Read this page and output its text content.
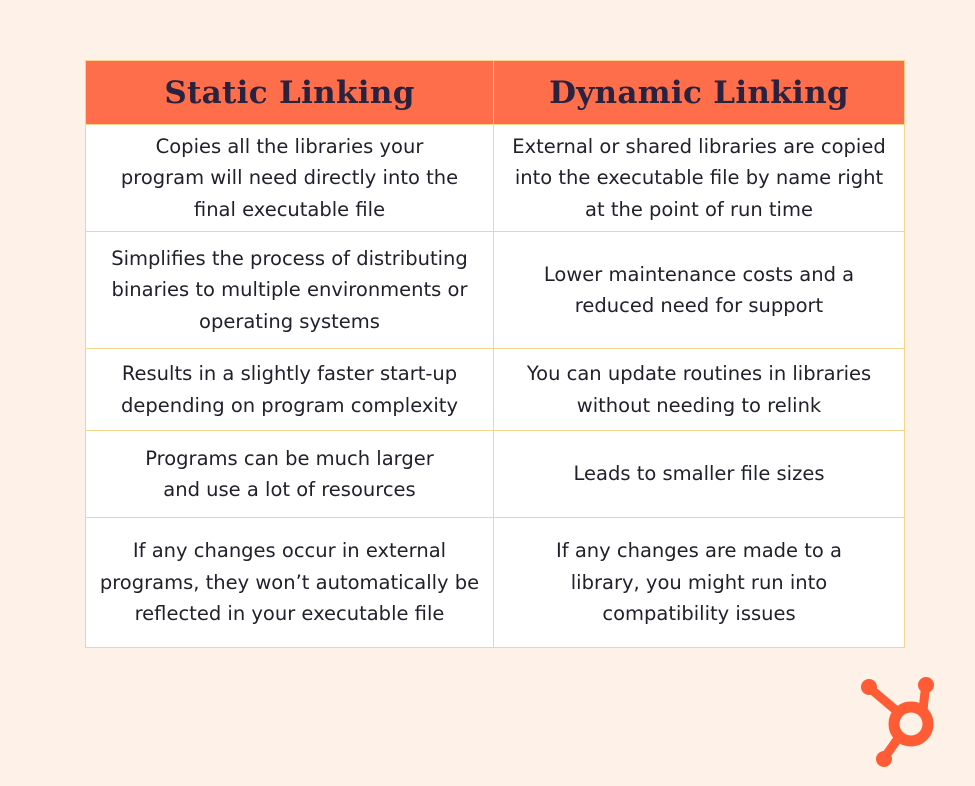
Static Linking	Dynamic Linking
Copies all the libraries your program will need directly into the final executable file	External or shared libraries are copied into the executable file by name right at the point of run time
Simplifies the process of distributing binaries to multiple environments or operating systems	Lower maintenance costs and a reduced need for support
Results in a slightly faster start-up depending on program complexity	You can update routines in libraries without needing to relink
Programs can be much larger and use a lot of resources	Leads to smaller file sizes
If any changes occur in external programs, they won’t automatically be reflected in your executable file	If any changes are made to a library, you might run into compatibility issues
